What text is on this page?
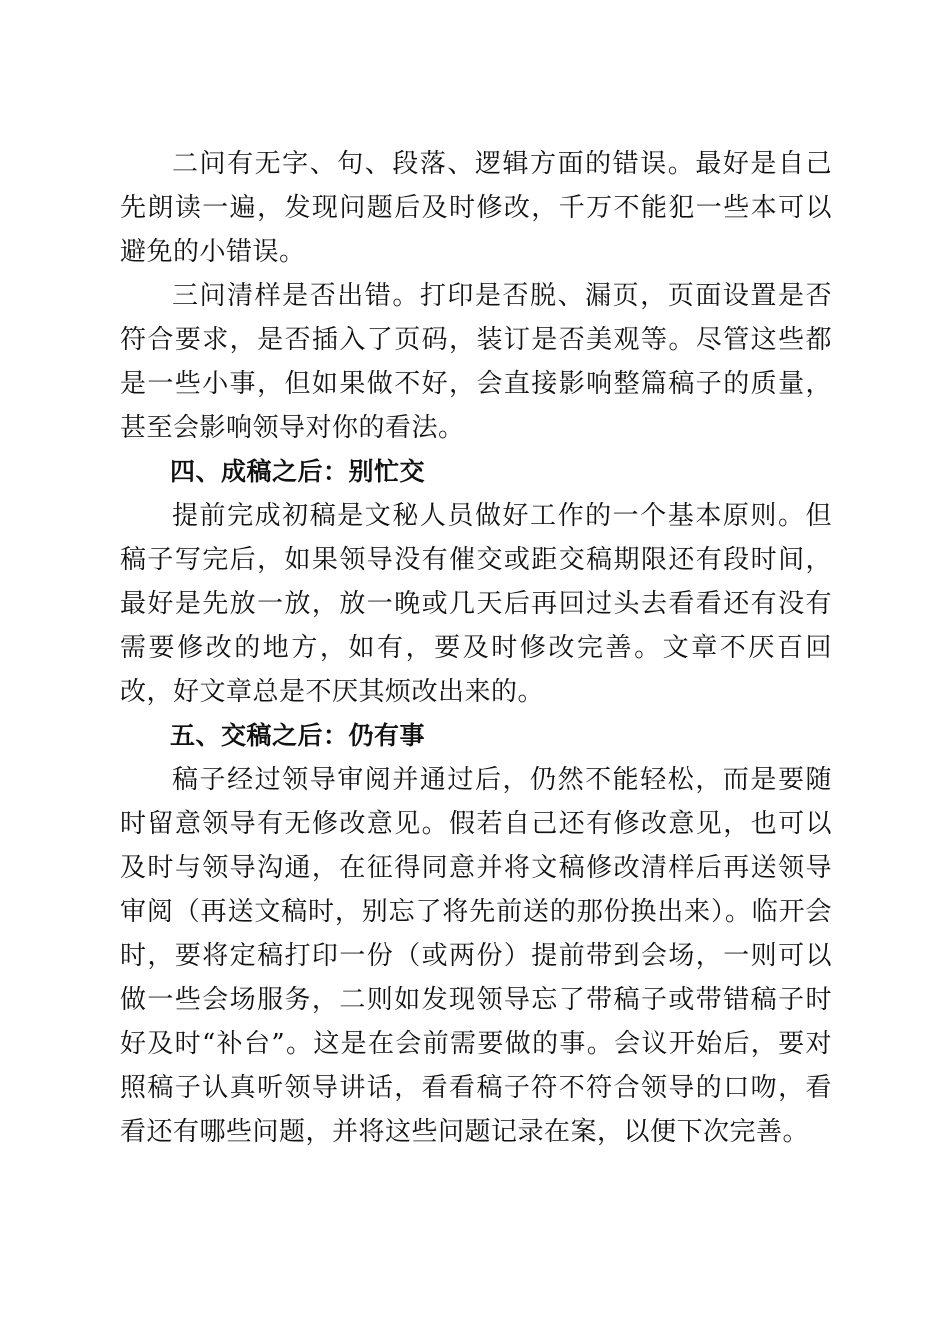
二问有无字、句、段落、逻辑方面的错误。最好是自己先朗读一遍，发现问题后及时修改，千万不能犯一些本可以避免的小错误。

三问清样是否出错。打印是否脱、漏页，页面设置是否符合要求，是否插入了页码，装订是否美观等。尽管这些都是一些小事，但如果做不好，会直接影响整篇稿子的质量，甚至会影响领导对你的看法。

四、成稿之后：别忙交

提前完成初稿是文秘人员做好工作的一个基本原则。但稿子写完后，如果领导没有催交或距交稿期限还有段时间，最好是先放一放，放一晚或几天后再回过头去看看还有没有需要修改的地方，如有，要及时修改完善。文章不厌百回改，好文章总是不厌其烦改出来的。

五、交稿之后：仍有事

稿子经过领导审阅并通过后，仍然不能轻松，而是要随时留意领导有无修改意见。假若自己还有修改意见，也可以及时与领导沟通，在征得同意并将文稿修改清样后再送领导审阅（再送文稿时，别忘了将先前送的那份换出来）。临开会时，要将定稿打印一份（或两份）提前带到会场，一则可以做一些会场服务，二则如发现领导忘了带稿子或带错稿子时好及时“补台”。这是在会前需要做的事。会议开始后，要对照稿子认真听领导讲话，看看稿子符不符合领导的口吻，看看还有哪些问题，并将这些问题记录在案，以便下次完善。
